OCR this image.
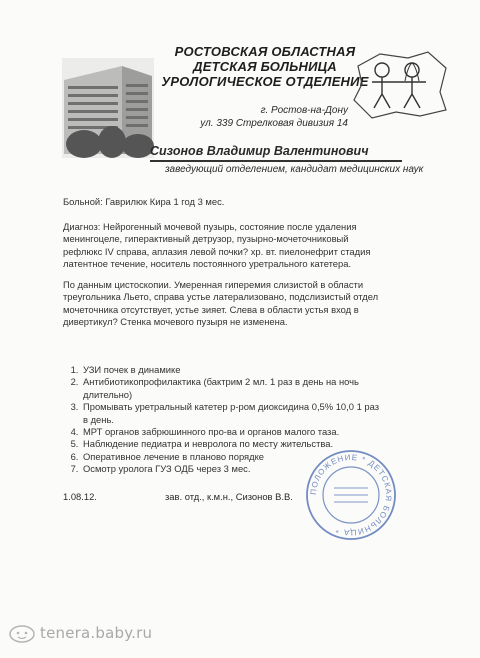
РОСТОВСКАЯ ОБЛАСТНАЯ
ДЕТСКАЯ БОЛЬНИЦА
УРОЛОГИЧЕСКОЕ ОТДЕЛЕНИЕ
г. Ростов-на-Дону
ул. 339 Стрелковая дивизия 14
Сизонов Владимир Валентинович
заведующий отделением, кандидат медицинских наук
Больной: Гаврилюк Кира 1 год 3 мес.
Диагноз: Нейрогенный мочевой пузырь, состояние после удаления
менингоцеле, гиперактивный детрузор, пузырно-мочеточниковый
рефлюкс IV справа, аплазия левой почки? хр. вт. пиелонефрит стадия
латентное течение, носитель постоянного уретрального катетера.
По данным цистоскопии. Умеренная гиперемия слизистой в области
треугольника Льето, справа устье латерализовано, подслизистый отдел
мочеточника отсутствует, устье зияет. Слева в области устья вход в
дивертикул? Стенка мочевого пузыря не изменена.
1. УЗИ почек в динамике
2. Антибиотикопрофилактика (бактрим 2 мл. 1 раз в день на ночь
длительно)
3. Промывать уретральный катетер р-ром диоксидина 0,5% 10,0 1 раз
в день.
4. МРТ органов забрюшинного про-ва и органов малого таза.
5. Наблюдение педиатра и невролога по месту жительства.
6. Оперативное лечение в планово порядке
7. Осмотр уролога ГУЗ ОДБ через 3 мес.
ПОЛОЖЕНИЕ * ДЕТСКАЯ БОЛЬНИЦА *
1.08.12.	зав. отд., к.м.н., Сизонов В.В.
tenera.baby.ru
